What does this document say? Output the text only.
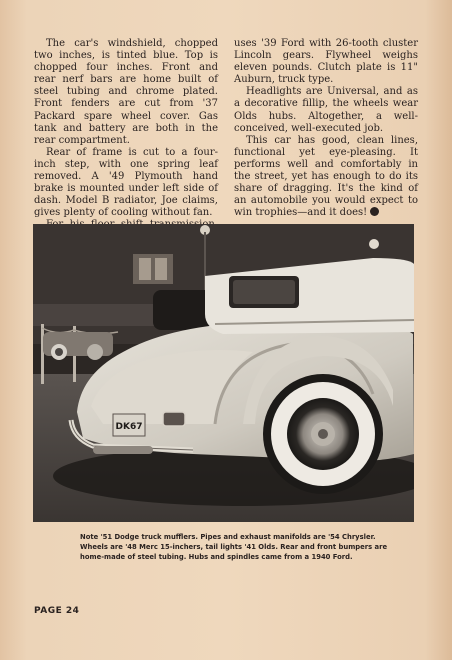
The car's windshield, chopped two inches, is tinted blue. Top is chopped four inches. Front and rear nerf bars are home built of steel tubing and chrome plated. Front fenders are cut from '37 Packard spare wheel cover. Gas tank and battery are both in the rear compartment.

Rear of frame is cut to a four-inch step, with one spring leaf removed. A '49 Plymouth hand brake is mounted under left side of dash. Model B radiator, Joe claims, gives plenty of cooling without fan.

uses '39 Ford with 26-tooth cluster Lincoln gears. Flywheel weighs eleven pounds. Clutch plate is 11" Auburn, truck type.

Headlights are Universal, and as a decorative fillip, the wheels wear Olds hubs. Altogether, a well-conceived, well-executed job.

This car has good, clean lines, functional yet eye-pleasing. It performs well and comfortably in the street, yet has enough to do its share of dragging. It's the kind of an automobile you would expect to win trophies—and it does!

DK67
Note '51 Dodge truck mufflers. Pipes and exhaust manifolds are '54 Chrysler. Wheels are '48 Merc 15-inchers, tail lights '41 Olds. Rear and front bumpers are home-made of steel tubing. Hubs and spindles came from a 1940 Ford.
PAGE 24
